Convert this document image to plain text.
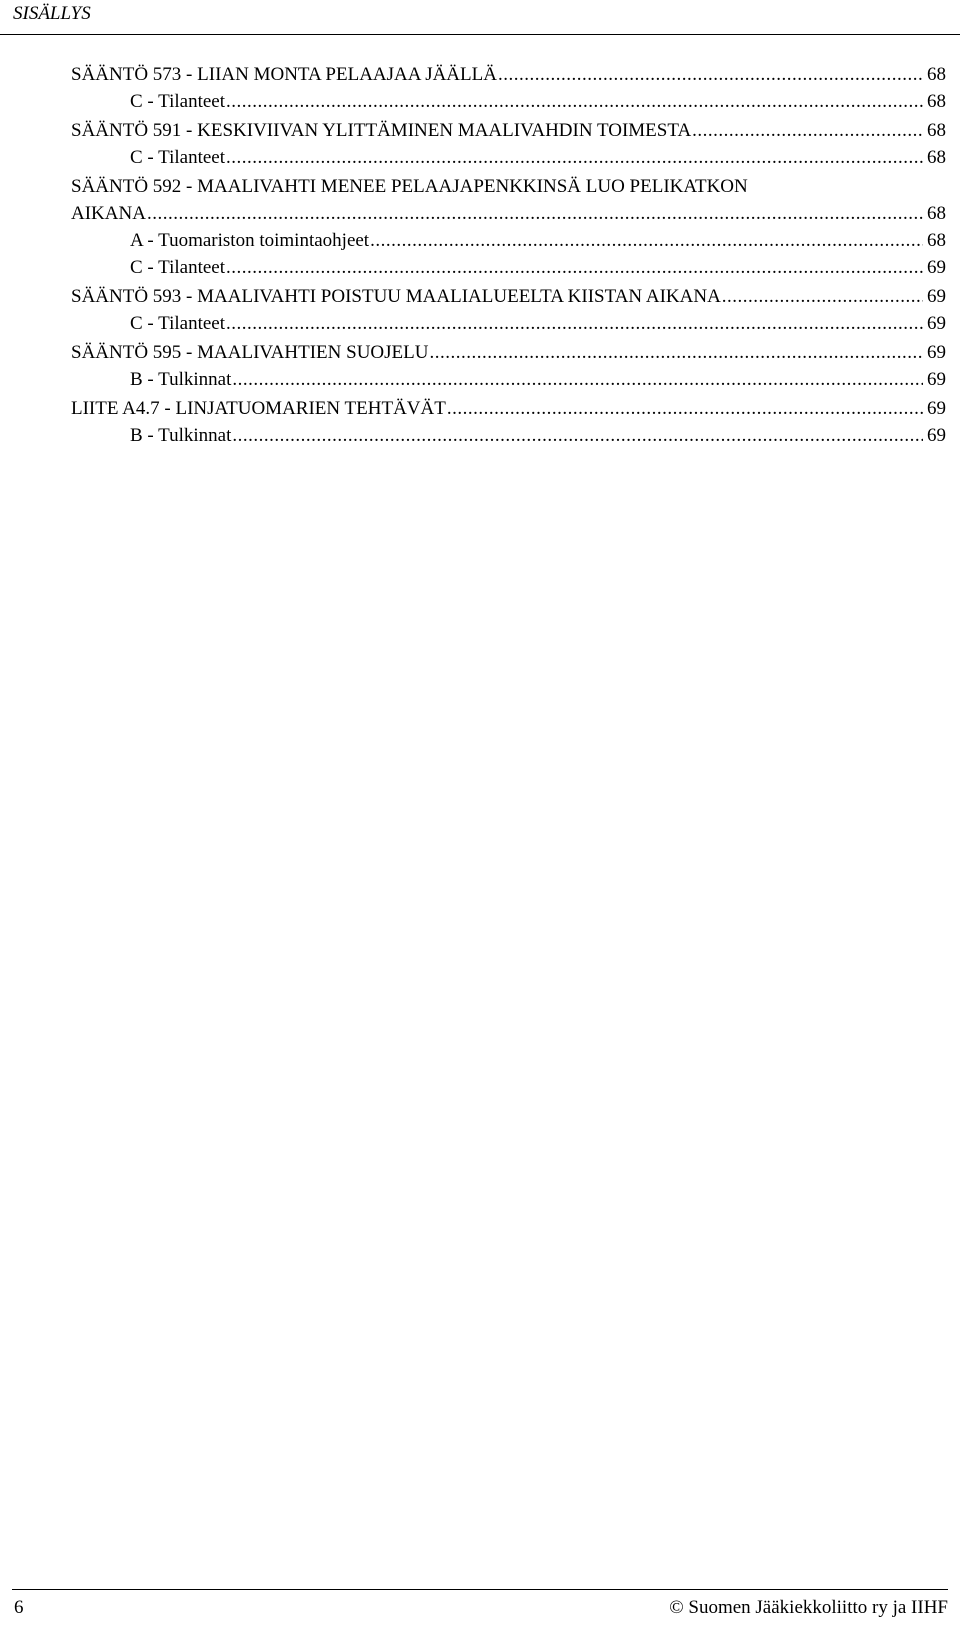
SISÄLLYS
SÄÄNTÖ 573 - LIIAN MONTA PELAAJAA JÄÄLLÄ .....	68
C - Tilanteet .....	68
SÄÄNTÖ 591 - KESKIVIIVAN YLITTÄMINEN MAALIVAHDIN TOIMESTA .....	68
C - Tilanteet .....	68
SÄÄNTÖ 592 - MAALIVAHTI MENEE PELAAJAPENKKINSÄ LUO PELIKATKON
AIKANA .....	68
A - Tuomariston toimintaohjeet .....	68
C - Tilanteet .....	69
SÄÄNTÖ 593 - MAALIVAHTI POISTUU MAALIALUEELTA KIISTAN AIKANA .....	69
C - Tilanteet .....	69
SÄÄNTÖ 595 - MAALIVAHTIEN SUOJELU .....	69
B - Tulkinnat .....	69
LIITE A4.7 - LINJATUOMARIEN TEHTÄVÄT .....	69
B - Tulkinnat .....	69
6	© Suomen Jääkiekkoliitto ry ja IIHF
